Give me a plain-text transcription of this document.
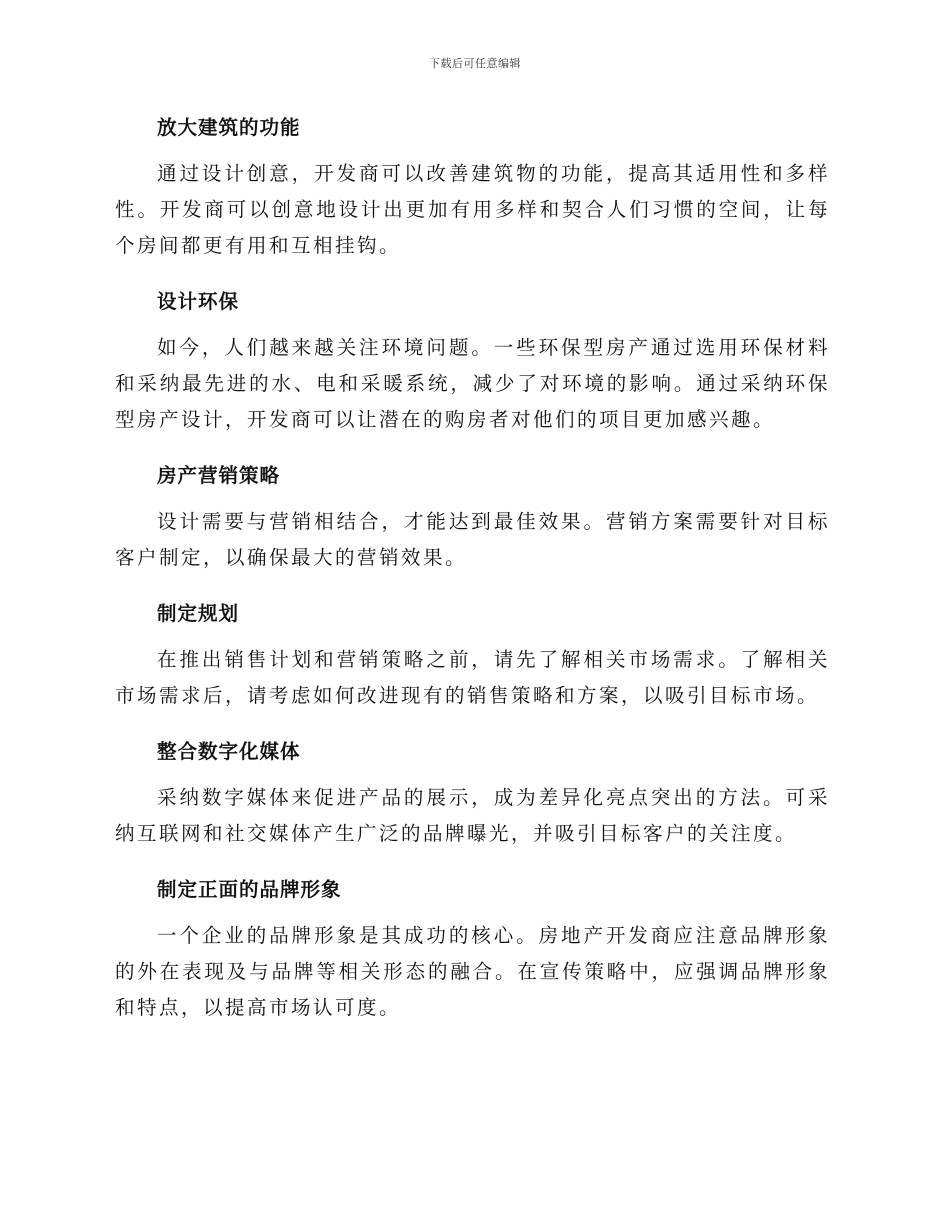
下载后可任意编辑
放大建筑的功能

通过设计创意，开发商可以改善建筑物的功能，提高其适用性和多样性。开发商可以创意地设计出更加有用多样和契合人们习惯的空间，让每个房间都更有用和互相挂钩。

设计环保

如今，人们越来越关注环境问题。一些环保型房产通过选用环保材料和采纳最先进的水、电和采暖系统，减少了对环境的影响。通过采纳环保型房产设计，开发商可以让潜在的购房者对他们的项目更加感兴趣。

房产营销策略

设计需要与营销相结合，才能达到最佳效果。营销方案需要针对目标客户制定，以确保最大的营销效果。

制定规划

在推出销售计划和营销策略之前，请先了解相关市场需求。了解相关市场需求后，请考虑如何改进现有的销售策略和方案，以吸引目标市场。

整合数字化媒体

采纳数字媒体来促进产品的展示，成为差异化亮点突出的方法。可采纳互联网和社交媒体产生广泛的品牌曝光，并吸引目标客户的关注度。

制定正面的品牌形象

一个企业的品牌形象是其成功的核心。房地产开发商应注意品牌形象的外在表现及与品牌等相关形态的融合。在宣传策略中，应强调品牌形象和特点，以提高市场认可度。
